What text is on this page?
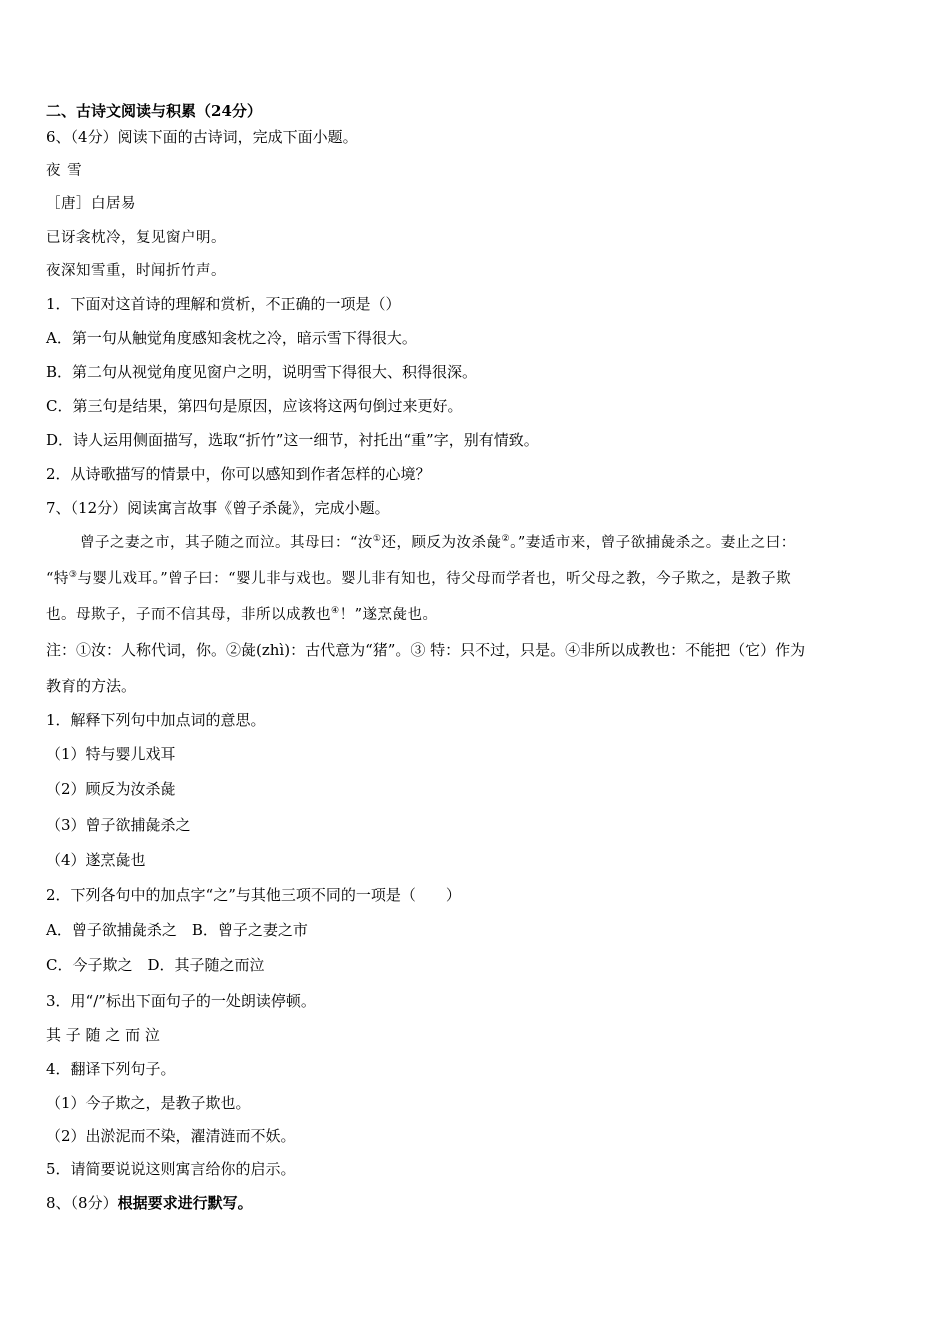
二、古诗文阅读与积累（24分）
6、（4分）阅读下面的古诗词，完成下面小题。
夜 雪
［唐］白居易
已讶衾枕冷，复见窗户明。
夜深知雪重，时闻折竹声。
1．下面对这首诗的理解和赏析，不正确的一项是（）
A．第一句从触觉角度感知衾枕之冷，暗示雪下得很大。
B．第二句从视觉角度见窗户之明，说明雪下得很大、积得很深。
C．第三句是结果，第四句是原因，应该将这两句倒过来更好。
D．诗人运用侧面描写，选取“折竹”这一细节，衬托出“重”字，别有情致。
2．从诗歌描写的情景中，你可以感知到作者怎样的心境？
7、（12分）阅读寓言故事《曾子杀彘》，完成小题。
曾子之妻之市，其子随之而泣。其母曰：“汝①还，顾反为汝杀彘②。”妻适市来，曾子欲捕彘杀之。妻止之曰：
“特③与婴儿戏耳。”曾子曰：“婴儿非与戏也。婴儿非有知也，待父母而学者也，听父母之教，今子欺之，是教子欺
也。母欺子，子而不信其母，非所以成教也④！”遂烹彘也。
注：①汝：人称代词，你。②彘(zhì)：古代意为“猪”。③ 特：只不过，只是。④非所以成教也：不能把（它）作为
教育的方法。
1．解释下列句中加点词的意思。
（1）特与婴儿戏耳
（2）顾反为汝杀彘
（3）曾子欲捕彘杀之
（4）遂烹彘也
2．下列各句中的加点字“之”与其他三项不同的一项是（　　）
A．曾子欲捕彘杀之　B．曾子之妻之市
C．今子欺之　D．其子随之而泣
3．用“/”标出下面句子的一处朗读停顿。
其 子 随 之 而 泣
4．翻译下列句子。
（1）今子欺之，是教子欺也。
（2）出淤泥而不染，濯清涟而不妖。
5．请简要说说这则寓言给你的启示。
8、（8分）根据要求进行默写。
